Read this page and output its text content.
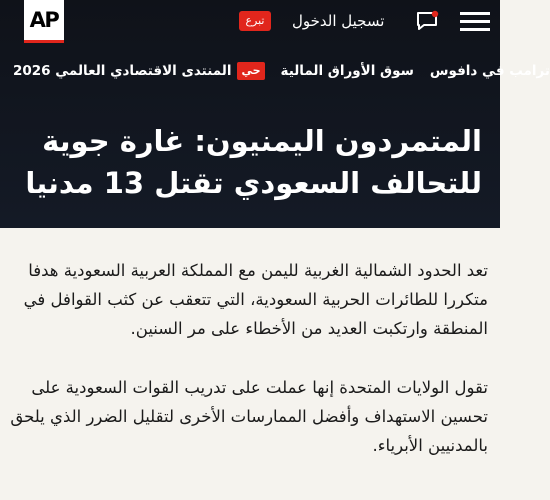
AP	تبرع	تسجيل الدخول
ترامب في دافوس
سوق الأوراق المالية
حي
المنتدى الاقتصادي العالمي 2026
المتمردون اليمنيون: غارة جوية للتحالف السعودي تقتل 13 مدنيا

تعد الحدود الشمالية الغربية لليمن مع المملكة العربية السعودية هدفا متكررا للطائرات الحربية السعودية، التي تتعقب عن كثب القوافل في المنطقة وارتكبت العديد من الأخطاء على مر السنين.

تقول الولايات المتحدة إنها عملت على تدريب القوات السعودية على تحسين الاستهداف وأفضل الممارسات الأخرى لتقليل الضرر الذي يلحق بالمدنيين الأبرياء.
